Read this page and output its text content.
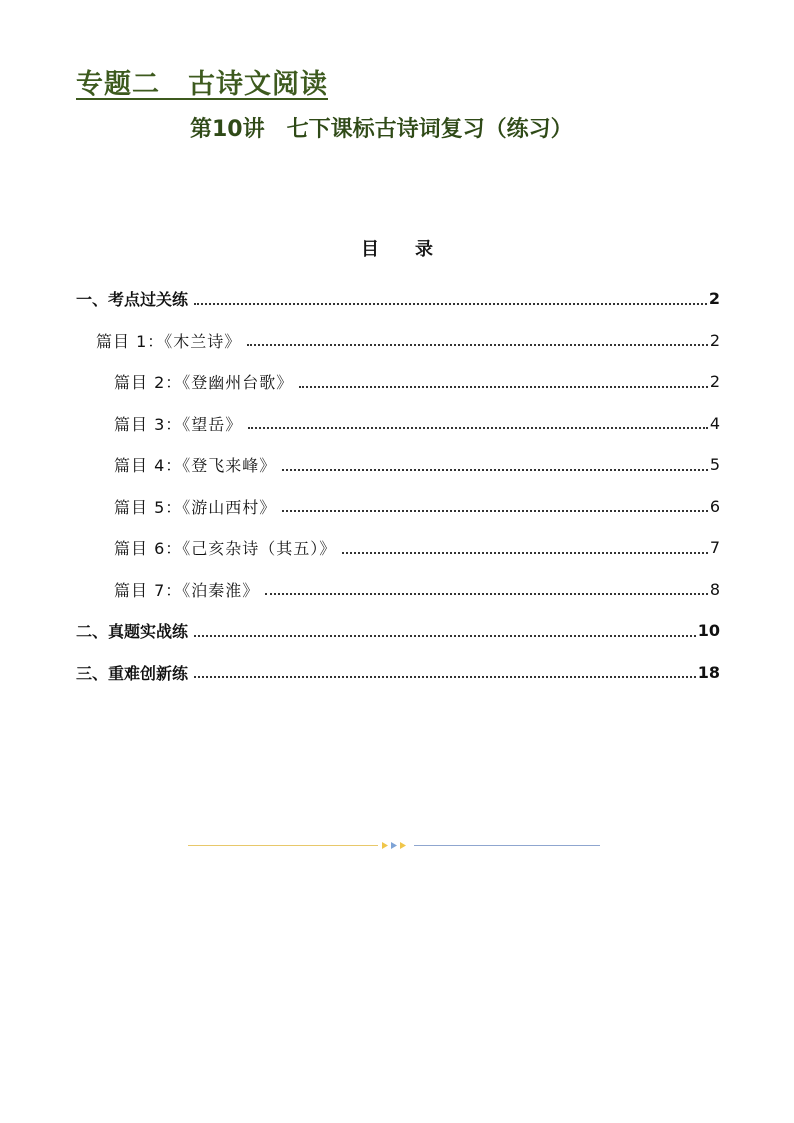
专题二　古诗文阅读
第10讲　七下课标古诗词复习（练习）
目　　录
一、考点过关练	2
篇目 1：《木兰诗》	2
篇目 2：《登幽州台歌》	2
篇目 3：《望岳》	4
篇目 4：《登飞来峰》	5
篇目 5：《游山西村》	6
篇目 6：《己亥杂诗（其五）》	7
篇目 7：《泊秦淮》	8
二、真题实战练	10
三、重难创新练	18
